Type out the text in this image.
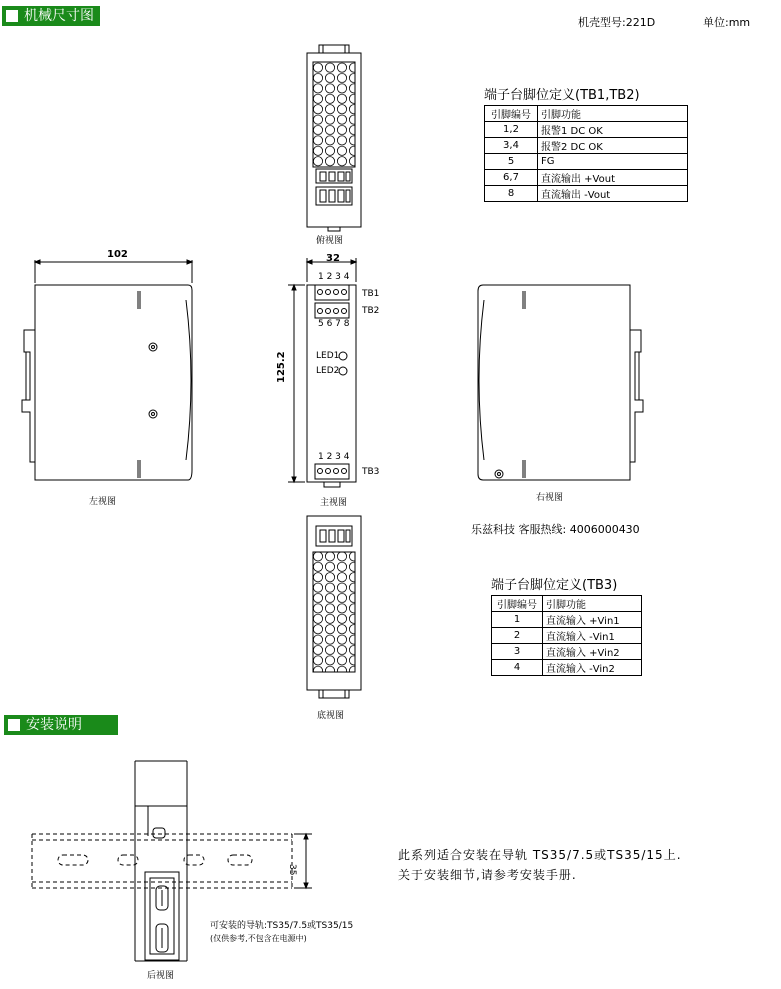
机械尺寸图
安装说明
机壳型号:221D	单位:mm
端子台脚位定义(TB1,TB2)
引脚编号	引脚功能
1,2	报警1 DC OK
3,4	报警2 DC OK
5	FG
6,7	直流输出 +Vout
8	直流输出 -Vout
端子台脚位定义(TB3)
引脚编号	引脚功能
1	直流输入 +Vin1
2	直流输入 -Vin1
3	直流输入 +Vin2
4	直流输入 -Vin2
乐兹科技 客服热线: 4006000430
此系列适合安装在导轨 TS35/7.5或TS35/15上.
关于安装细节,请参考安装手册.
可安装的导轨:TS35/7.5或TS35/15
(仅供参考,不包含在电源中)
俯视图
左视图	主视图	右视图
底视图
后视图
102	32
125.2
35
1 2 3 4
TB1
TB2
5 6 7 8
LED1
LED2
1 2 3 4
TB3
